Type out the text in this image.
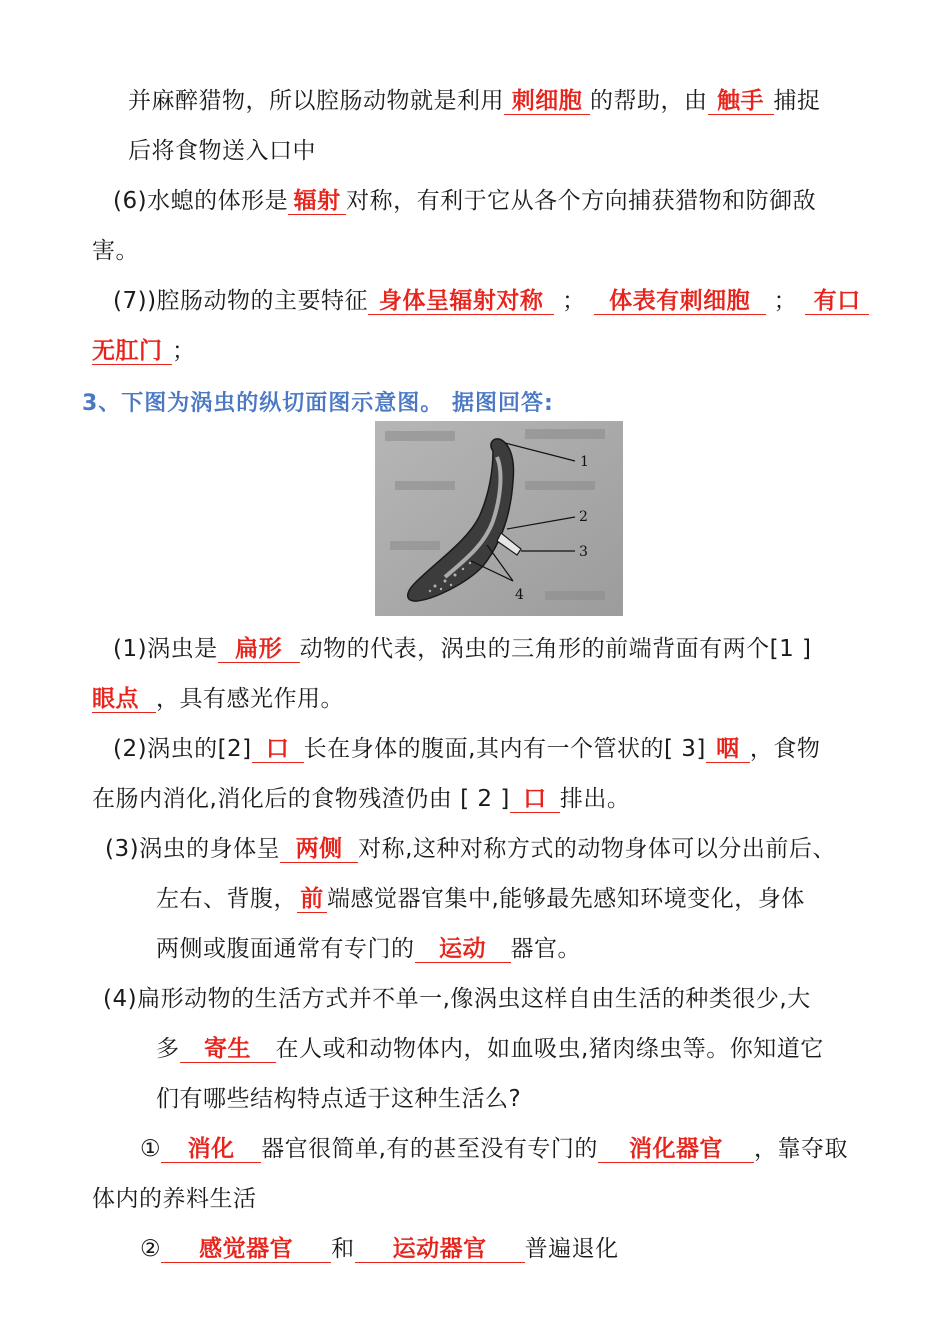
并麻醉猎物，所以腔肠动物就是利用 刺细胞 的帮助，由 触手 捕捉
后将食物送入口中
(6)水螅的体形是 辐射 对称，有利于它从各个方向捕获猎物和防御敌
害。
(7))腔肠动物的主要特征 身体呈辐射对称 ； 体表有刺细胞 ； 有口
无肛门 ；
3、下图为涡虫的纵切面图示意图。 据图回答:
1
2
3
4
(1)涡虫是 扁形 动物的代表，涡虫的三角形的前端背面有两个[1 ]
眼点 ，具有感光作用。
(2)涡虫的[2] 口 长在身体的腹面,其内有一个管状的[ 3] 咽 ，食物
在肠内消化,消化后的食物残渣仍由 [ 2 ] 口 排出。
(3)涡虫的身体呈 两侧 对称,这种对称方式的动物身体可以分出前后、
左右、背腹， 前 端感觉器官集中,能够最先感知环境变化，身体
两侧或腹面通常有专门的 运动 器官。
(4)扁形动物的生活方式并不单一,像涡虫这样自由生活的种类很少,大
多 寄生 在人或和动物体内，如血吸虫,猪肉绦虫等。你知道它
们有哪些结构特点适于这种生活么?
① 消化 器官很简单,有的甚至没有专门的 消化器官 ，靠夺取
体内的养料生活
② 感觉器官 和 运动器官 普遍退化
